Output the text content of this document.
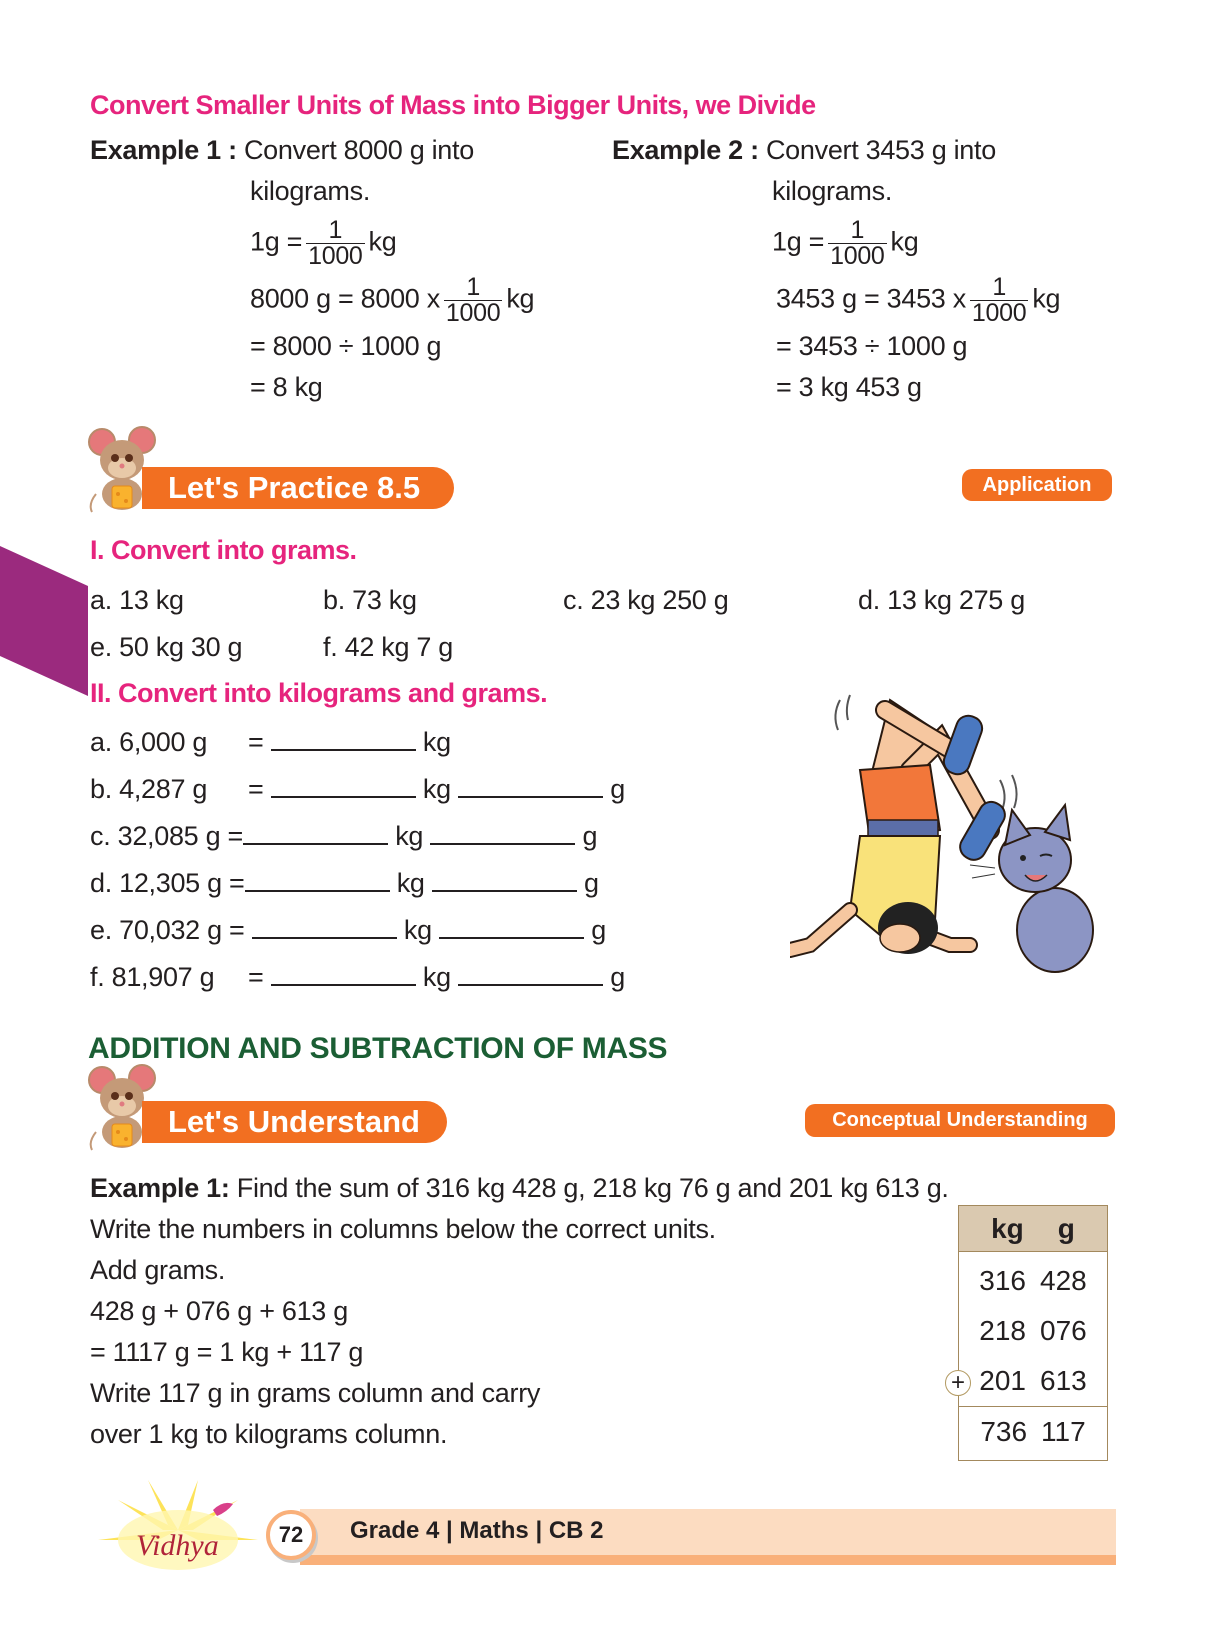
Convert Smaller Units of Mass into Bigger Units, we Divide
Example 1 : Convert 8000 g into
kilograms.
$1g = \frac{1}{1000}$ kg
8000 g = 8000 x $\frac{1}{1000}$ kg
= 8000 ÷ 1000 g
= 8 kg
Example 2 : Convert 3453 g into
kilograms.
$1g = \frac{1}{1000}$ kg
3453 g = 3453 x $\frac{1}{1000}$ kg
= 3453 ÷ 1000 g
= 3 kg 453 g
Let's Practice 8.5	Application
I. Convert into grams.
a. 13 kg	b. 73 kg	c. 23 kg 250 g	d. 13 kg 275 g
e. 50 kg 30 g	f. 42 kg 7 g
II. Convert into kilograms and grams.
a. 6,000 g =	kg
b. 4,287 g =	kg	g
c. 32,085 g =	kg	g
d. 12,305 g =	kg	g
e. 70,032 g =	kg	g
f. 81,907 g =	kg	g
ADDITION AND SUBTRACTION OF MASS
Let's Understand	Conceptual Understanding
Example 1: Find the sum of 316 kg 428 g, 218 kg 76 g and 201 kg 613 g.
Write the numbers in columns below the correct units.
Add grams.
428 g + 076 g + 613 g
= 1117 g = 1 kg + 117 g
Write 117 g in grams column and carry
over 1 kg to kilograms column.
kg g
316 428
218 076
201 613
736 117
+
Vidhya	72	Grade 4 | Maths | CB 2
